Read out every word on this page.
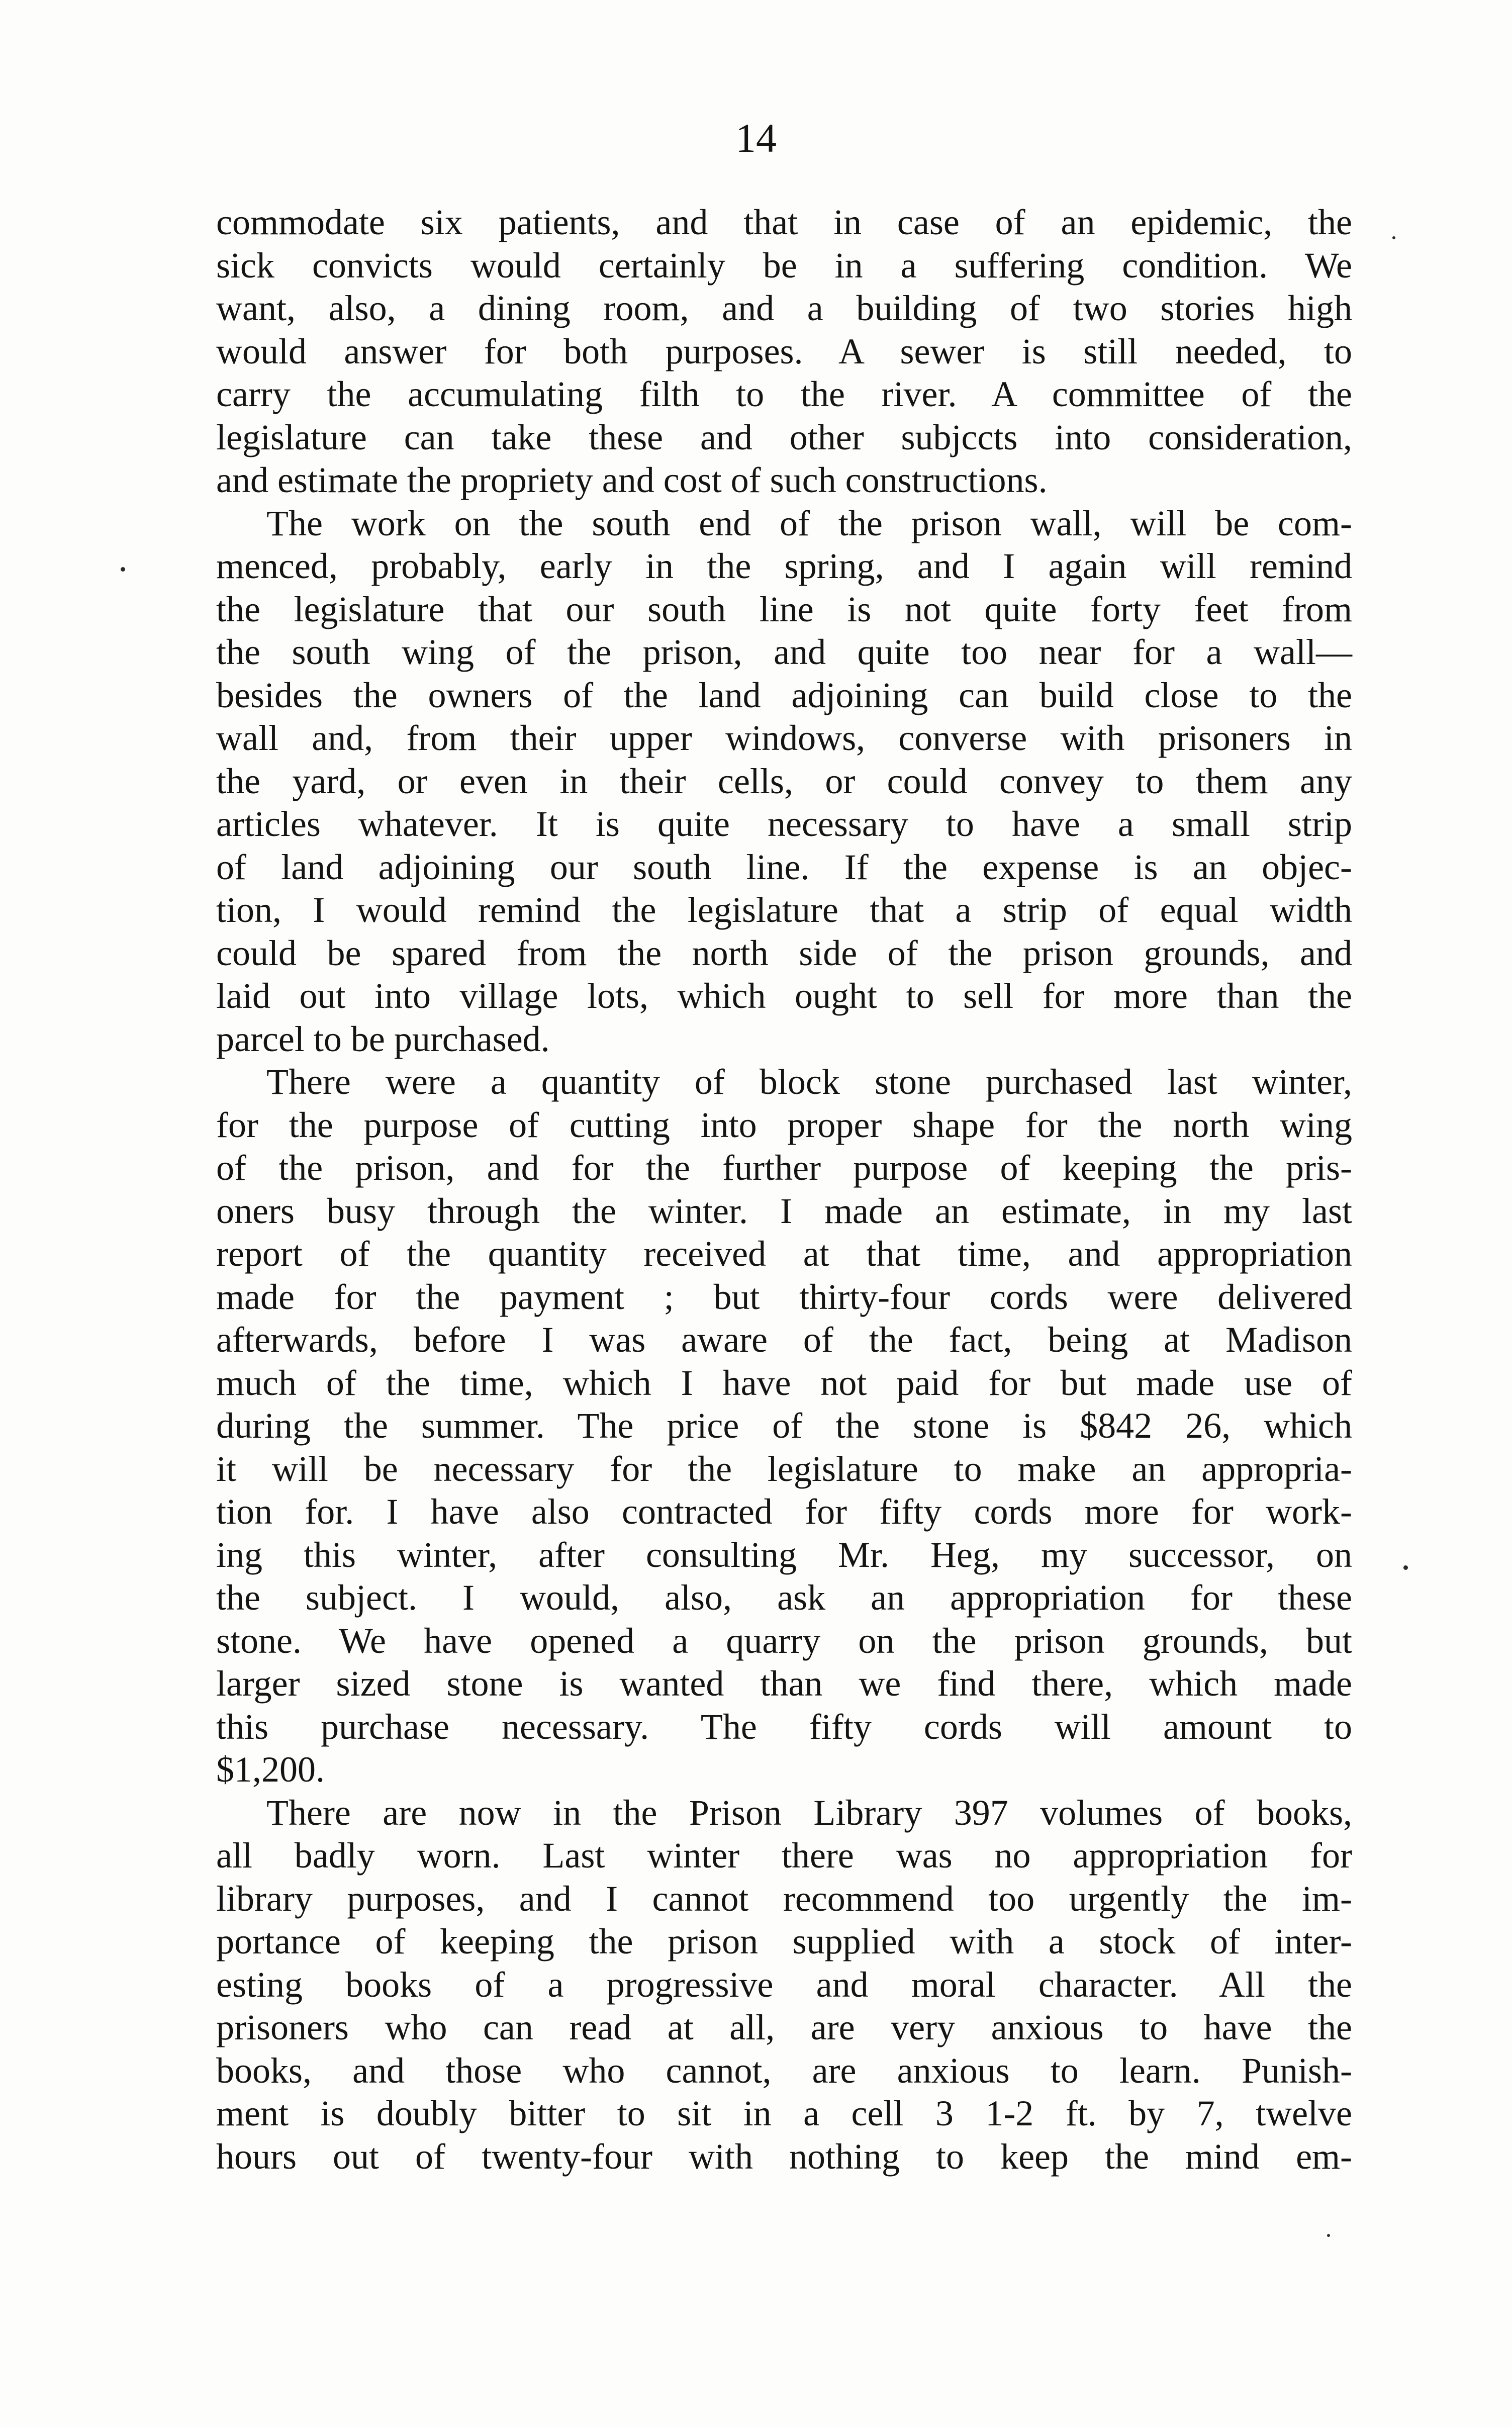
14
commodate six patients, and that in case of an epidemic, the
sick convicts would certainly be in a suffering condition. We
want, also, a dining room, and a building of two stories high
would answer for both purposes. A sewer is still needed, to
carry the accumulating filth to the river. A committee of the
legislature can take these and other subjccts into consideration,
and estimate the propriety and cost of such constructions.
The work on the south end of the prison wall, will be com-
menced, probably, early in the spring, and I again will remind
the legislature that our south line is not quite forty feet from
the south wing of the prison, and quite too near for a wall—
besides the owners of the land adjoining can build close to the
wall and, from their upper windows, converse with prisoners in
the yard, or even in their cells, or could convey to them any
articles whatever. It is quite necessary to have a small strip
of land adjoining our south line. If the expense is an objec-
tion, I would remind the legislature that a strip of equal width
could be spared from the north side of the prison grounds, and
laid out into village lots, which ought to sell for more than the
parcel to be purchased.
There were a quantity of block stone purchased last winter,
for the purpose of cutting into proper shape for the north wing
of the prison, and for the further purpose of keeping the pris-
oners busy through the winter. I made an estimate, in my last
report of the quantity received at that time, and appropriation
made for the payment ; but thirty-four cords were delivered
afterwards, before I was aware of the fact, being at Madison
much of the time, which I have not paid for but made use of
during the summer. The price of the stone is $842 26, which
it will be necessary for the legislature to make an appropria-
tion for. I have also contracted for fifty cords more for work-
ing this winter, after consulting Mr. Heg, my successor, on
the subject. I would, also, ask an appropriation for these
stone. We have opened a quarry on the prison grounds, but
larger sized stone is wanted than we find there, which made
this purchase necessary. The fifty cords will amount to
$1,200.
There are now in the Prison Library 397 volumes of books,
all badly worn. Last winter there was no appropriation for
library purposes, and I cannot recommend too urgently the im-
portance of keeping the prison supplied with a stock of inter-
esting books of a progressive and moral character. All the
prisoners who can read at all, are very anxious to have the
books, and those who cannot, are anxious to learn. Punish-
ment is doubly bitter to sit in a cell 3 1-2 ft. by 7, twelve
hours out of twenty-four with nothing to keep the mind em-
